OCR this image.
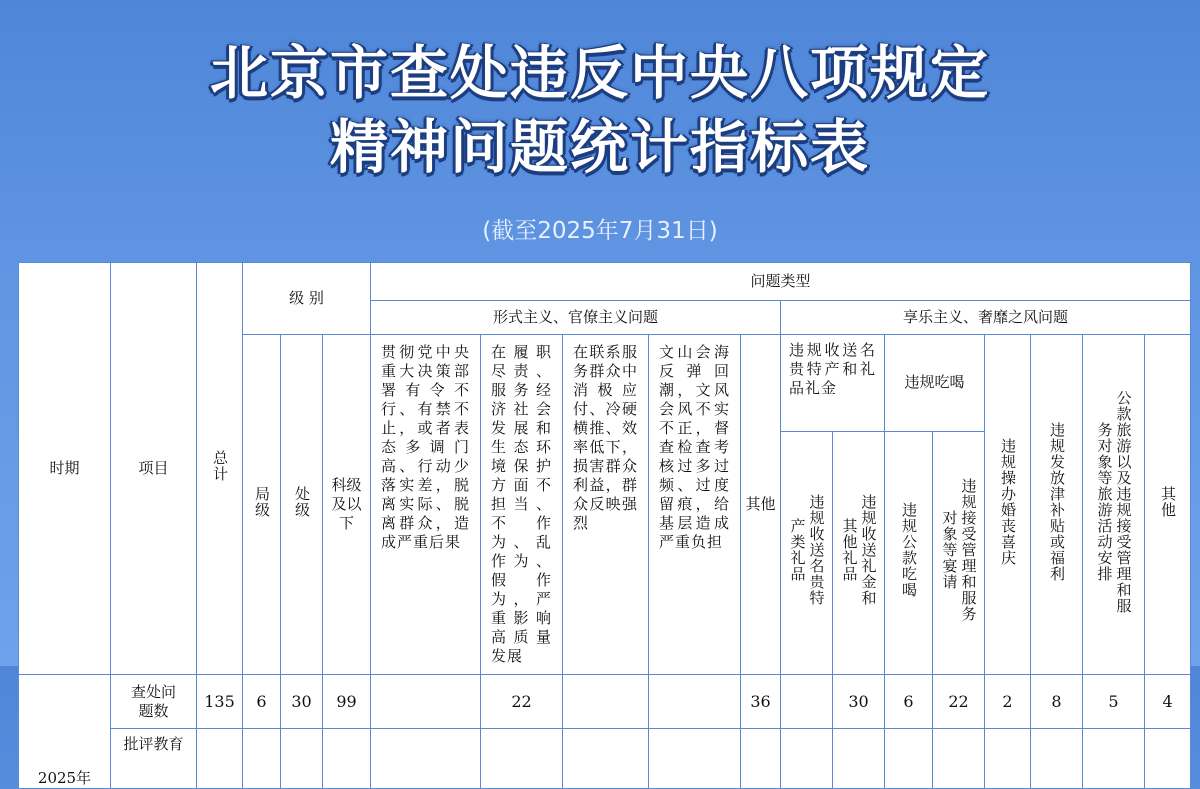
北京市查处违反中央八项规定
精神问题统计指标表
(截至2025年7月31日)
时期	项目	总计	级 别			问题类型												
						形式主义、官僚主义问题					享乐主义、奢靡之风问题							
			局级	处级	科级及以下	贯彻党中央重大决策部署有令不行、有禁不止，或者表态多调门高、行动少落实差，脱离实际、脱离群众，造成严重后果	在履职尽责、服务经济社会发展和生态环境保护方面不担当、不作为、乱作为、假作为，严重影响高质量发展	在联系服务群众中消极应付、冷硬横推、效率低下，损害群众利益，群众反映强烈	文山会海反弹回潮，文风会风不实不正，督查检查考核过多过频、过度留痕，给基层造成严重负担	其他	违规收送名贵特产和礼品礼金		违规吃喝		违规操办婚丧喜庆	违规发放津补贴或福利	公款旅游以及违规接受管理和服务对象等旅游活动安排	其他
											违规收送名贵特产类礼品	违规收送礼金和其他礼品	违规公款吃喝	违规接受管理和服务对象等宴请				
2025年	查处问题数	135	6	30	99		22			36		30	6	22	2	8	5	4
	批评教育																	
